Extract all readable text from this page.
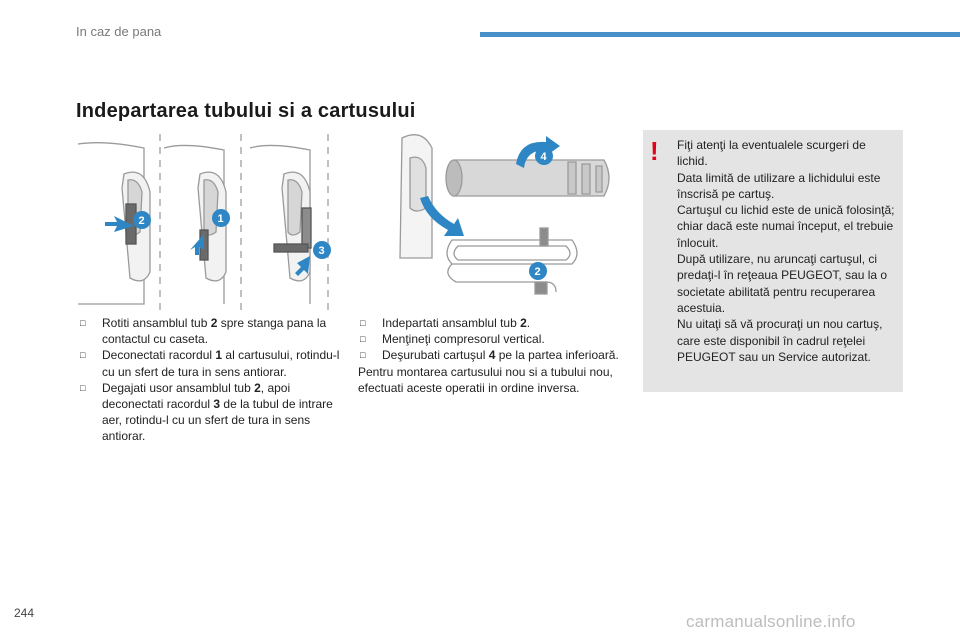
In caz de pana
Indepartarea tubului si a cartusului
2	1
3
4
2
□ Rotiti ansamblul tub 2 spre stanga pana la contactul cu caseta.
□ Deconectati racordul 1 al cartusului, rotindu-l cu un sfert de tura in sens antiorar.
□ Degajati usor ansamblul tub 2, apoi deconectati racordul 3 de la tubul de intrare aer, rotindu-l cu un sfert de tura in sens antiorar.
□ Indepartati ansamblul tub 2.
□ Menţineţi compresorul vertical.
□ Deşurubati cartuşul 4 pe la partea inferioară.
Pentru montarea cartusului nou si a tubului nou, efectuati aceste operatii in ordine inversa.
! Fiţi atenţi la eventualele scurgeri de lichid.
Data limită de utilizare a lichidului este înscrisă pe cartuş.
Cartuşul cu lichid este de unică folosinţă; chiar dacă este numai început, el trebuie înlocuit.
După utilizare, nu aruncaţi cartuşul, ci predaţi-l în reţeaua PEUGEOT, sau la o societate abilitată pentru recuperarea acestuia.
Nu uitaţi să vă procuraţi un nou cartuş, care este disponibil în cadrul reţelei PEUGEOT sau un Service autorizat.
244	carmanualsonline.info
